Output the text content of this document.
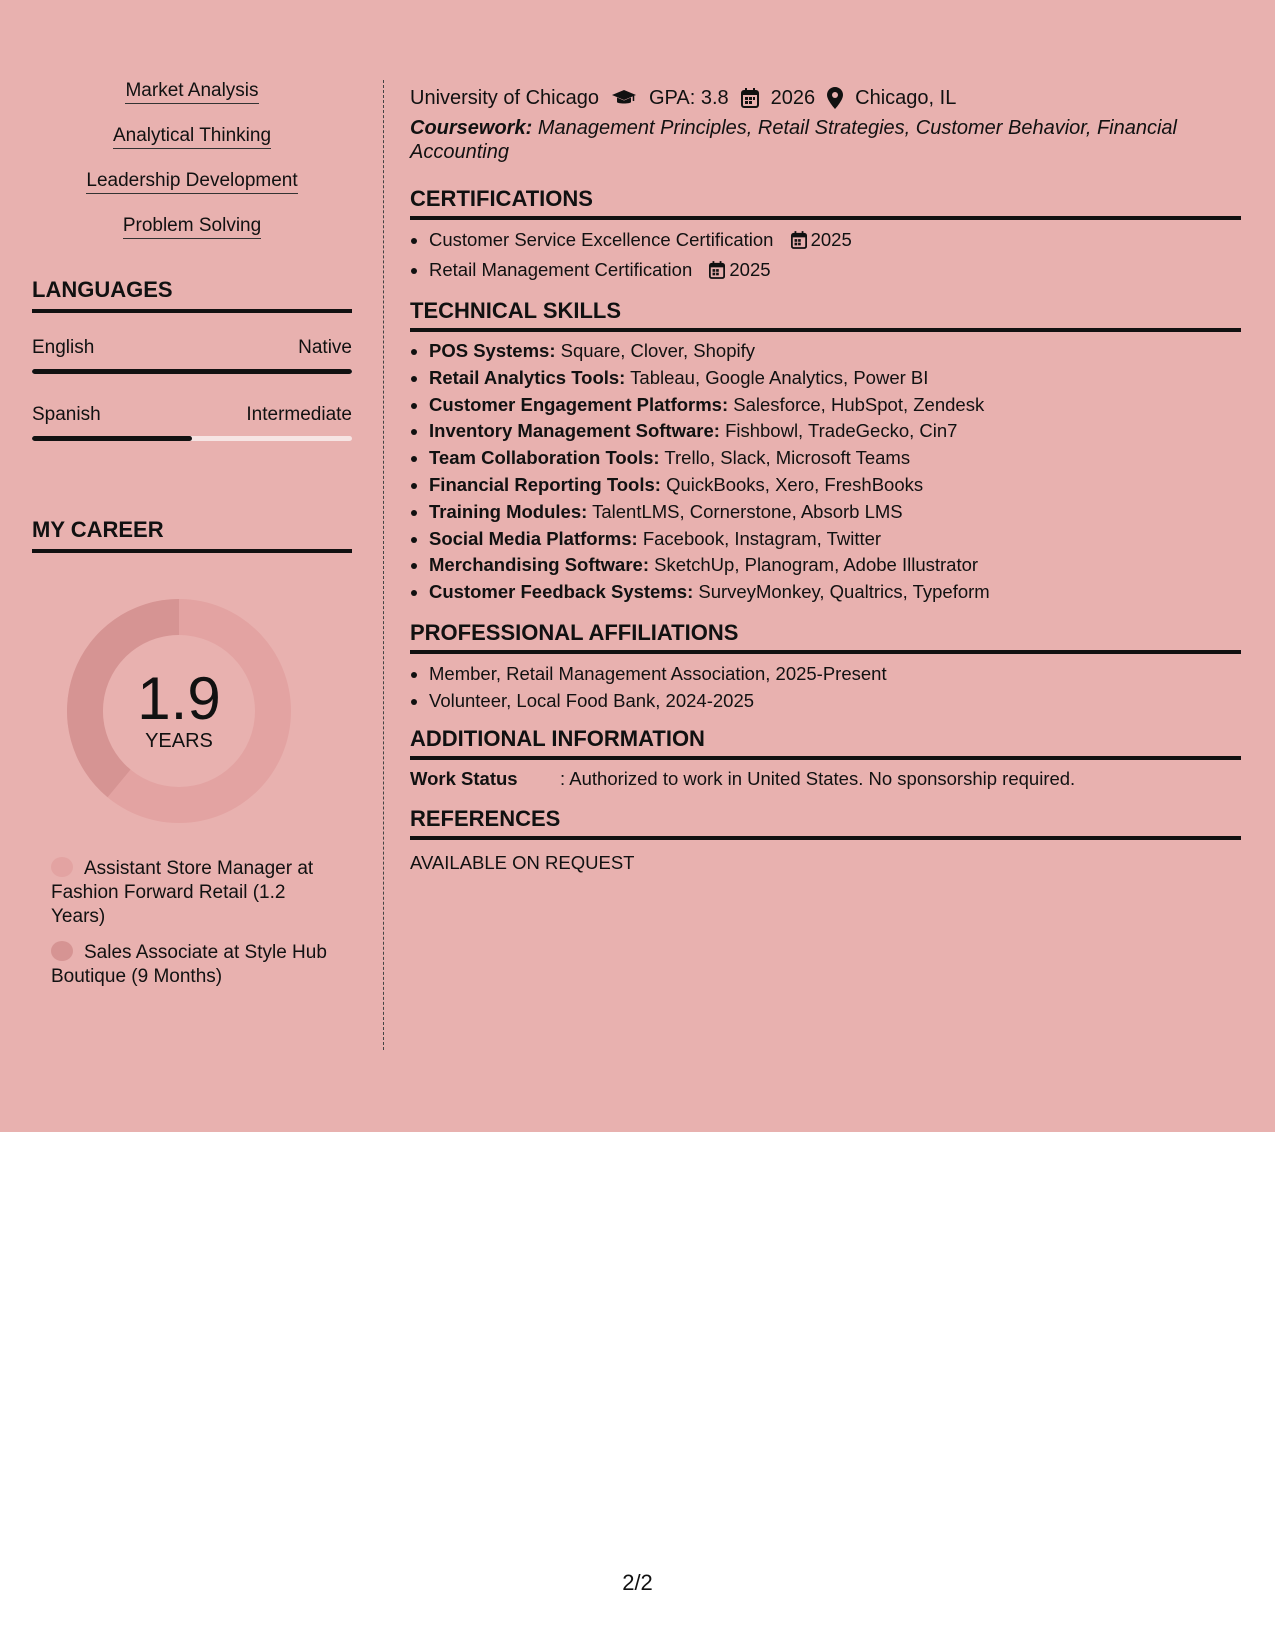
Market Analysis
Analytical Thinking
Leadership Development
Problem Solving
LANGUAGES
English	Native
Spanish	Intermediate
MY CAREER
1.9
YEARS
Assistant Store Manager at Fashion Forward Retail (1.2 Years)
Sales Associate at Style Hub Boutique (9 Months)
University of Chicago	GPA: 3.8 2026 Chicago, IL
Coursework: Management Principles, Retail Strategies, Customer Behavior, Financial Accounting
CERTIFICATIONS
• Customer Service Excellence Certification 2025
• Retail Management Certification 2025
TECHNICAL SKILLS
• POS Systems: Square, Clover, Shopify
• Retail Analytics Tools: Tableau, Google Analytics, Power BI
• Customer Engagement Platforms: Salesforce, HubSpot, Zendesk
• Inventory Management Software: Fishbowl, TradeGecko, Cin7
• Team Collaboration Tools: Trello, Slack, Microsoft Teams
• Financial Reporting Tools: QuickBooks, Xero, FreshBooks
• Training Modules: TalentLMS, Cornerstone, Absorb LMS
• Social Media Platforms: Facebook, Instagram, Twitter
• Merchandising Software: SketchUp, Planogram, Adobe Illustrator
• Customer Feedback Systems: SurveyMonkey, Qualtrics, Typeform
PROFESSIONAL AFFILIATIONS
• Member, Retail Management Association, 2025-Present
• Volunteer, Local Food Bank, 2024-2025
ADDITIONAL INFORMATION
Work Status : Authorized to work in United States. No sponsorship required.
REFERENCES
AVAILABLE ON REQUEST
2/2
